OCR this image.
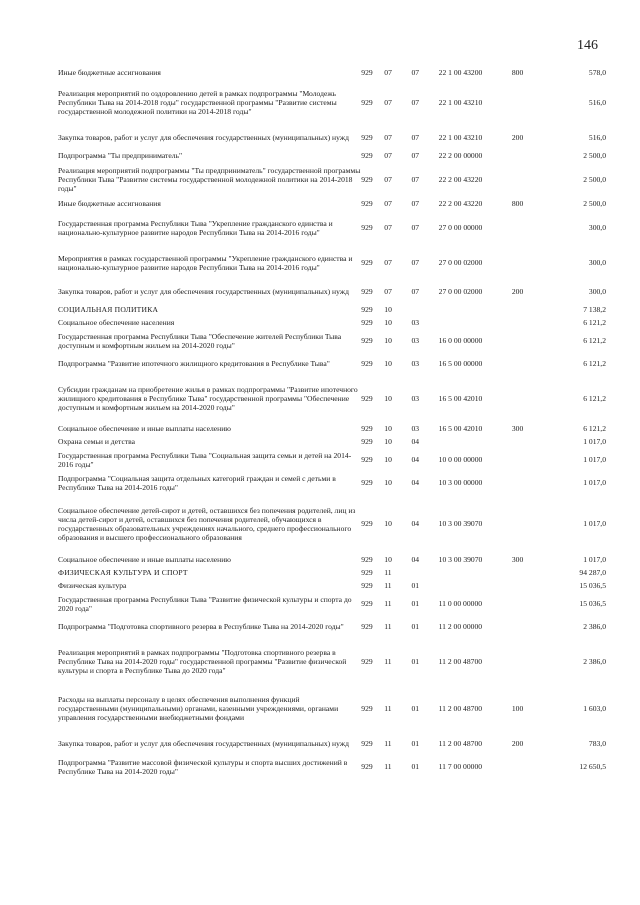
146
Иные бюджетные ассигнования	929	07	07	22 1 00 43200	800	578,0
Реализация мероприятий по оздоровлению детей в рамках подпрограммы "Молодежь Республики Тыва на 2014-2018 годы" государственной программы "Развитие системы государственной молодежной политики на 2014-2018 годы"	929	07	07	22 1 00 43210		516,0
Закупка товаров, работ и услуг для обеспечения государственных (муниципальных) нужд	929	07	07	22 1 00 43210	200	516,0
Подпрограмма "Ты предприниматель"	929	07	07	22 2 00 00000		2 500,0
Реализация мероприятий подпрограммы "Ты предприниматель" государственной программы Республики Тыва "Развитие системы государственной молодежной политики на 2014-2018 годы"	929	07	07	22 2 00 43220		2 500,0
Иные бюджетные ассигнования	929	07	07	22 2 00 43220	800	2 500,0
Государственная программа Республики Тыва "Укрепление гражданского единства и национально-культурное развитие народов Республики Тыва на 2014-2016 годы"	929	07	07	27 0 00 00000		300,0
Мероприятия в рамках государственной программы "Укрепление гражданского единства и национально-культурное развитие народов Республики Тыва на 2014-2016 годы"	929	07	07	27 0 00 02000		300,0
Закупка товаров, работ и услуг для обеспечения государственных (муниципальных) нужд	929	07	07	27 0 00 02000	200	300,0
СОЦИАЛЬНАЯ ПОЛИТИКА	929	10				7 138,2
Социальное обеспечение населения	929	10	03			6 121,2
Государственная программа Республики Тыва "Обеспечение жителей Республики Тыва доступным и комфортным жильем на 2014-2020 годы"	929	10	03	16 0 00 00000		6 121,2
Подпрограмма "Развитие ипотечного жилищного кредитования в Республике Тыва"	929	10	03	16 5 00 00000		6 121,2
Субсидии гражданам на приобретение жилья в рамках подпрограммы "Развитие ипотечного жилищного кредитования в Республике Тыва" государственной программы "Обеспечение доступным и комфортным жильем на 2014-2020 годы"	929	10	03	16 5 00 42010		6 121,2
Социальное обеспечение и иные выплаты населению	929	10	03	16 5 00 42010	300	6 121,2
Охрана семьи и детства	929	10	04			1 017,0
Государственная программа Республики Тыва "Социальная защита семьи и детей на 2014-2016 годы"	929	10	04	10 0 00 00000		1 017,0
Подпрограмма "Социальная защита отдельных категорий граждан и семей с детьми в Республике Тыва на 2014-2016 годы"	929	10	04	10 3 00 00000		1 017,0
Социальное обеспечение детей-сирот и детей, оставшихся без попечения родителей, лиц из числа детей-сирот и детей, оставшихся без попечения родителей, обучающихся в государственных образовательных учреждениях начального, среднего профессионального образования и высшего профессионального образования	929	10	04	10 3 00 39070		1 017,0
Социальное обеспечение и иные выплаты населению	929	10	04	10 3 00 39070	300	1 017,0
ФИЗИЧЕСКАЯ КУЛЬТУРА И СПОРТ	929	11				94 287,0
Физическая культура	929	11	01			15 036,5
Государственная программа Республики Тыва "Развитие физической культуры и спорта до 2020 года"	929	11	01	11 0 00 00000		15 036,5
Подпрограмма "Подготовка спортивного резерва в Республике Тыва на 2014-2020 годы"	929	11	01	11 2 00 00000		2 386,0
Реализация мероприятий в рамках подпрограммы "Подготовка спортивного резерва в Республике Тыва на 2014-2020 годы" государственной программы "Развитие физической культуры и спорта в Республике Тыва до 2020 года"	929	11	01	11 2 00 48700		2 386,0
Расходы на выплаты персоналу в целях обеспечения выполнения функций государственными (муниципальными) органами, казенными учреждениями, органами управления государственными внебюджетными фондами	929	11	01	11 2 00 48700	100	1 603,0
Закупка товаров, работ и услуг для обеспечения государственных (муниципальных) нужд	929	11	01	11 2 00 48700	200	783,0
Подпрограмма "Развитие массовой физической культуры и спорта высших достижений в Республике Тыва на 2014-2020 годы"	929	11	01	11 7 00 00000		12 650,5
